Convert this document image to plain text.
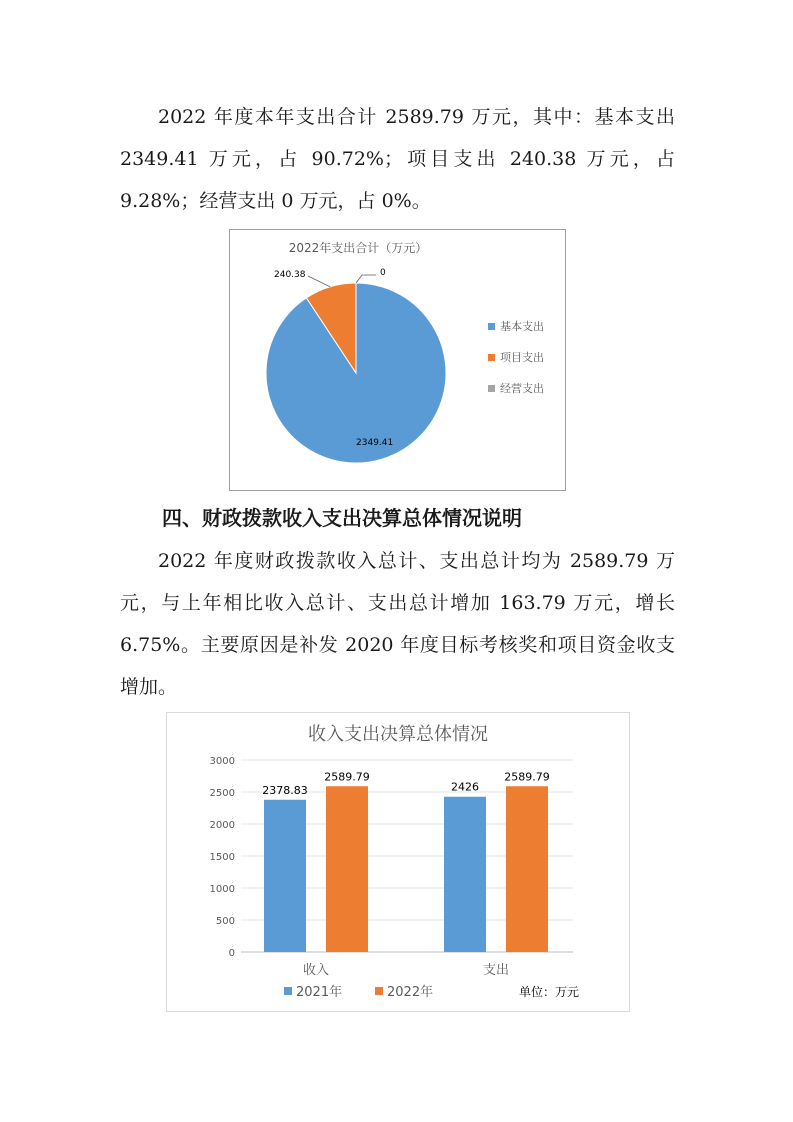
2022 年度本年支出合计 2589.79 万元，其中：基本支出 2349.41 万元，占 90.72%；项目支出 240.38 万元，占 9.28%；经营支出 0 万元，占 0%。

2022年支出合计（万元）
2349.41
240.38	0
基本支出
项目支出
经营支出
四、财政拨款收入支出决算总体情况说明

2022 年度财政拨款收入总计、支出总计均为 2589.79 万元，与上年相比收入总计、支出总计增加 163.79 万元，增长 6.75%。主要原因是补发 2020 年度目标考核奖和项目资金收支增加。

收入支出决算总体情况
0
500
1000
1500
2000
2500
3000
2378.83
2589.79
收入
2426
2589.79
支出
2021年	2022年	单位：万元
